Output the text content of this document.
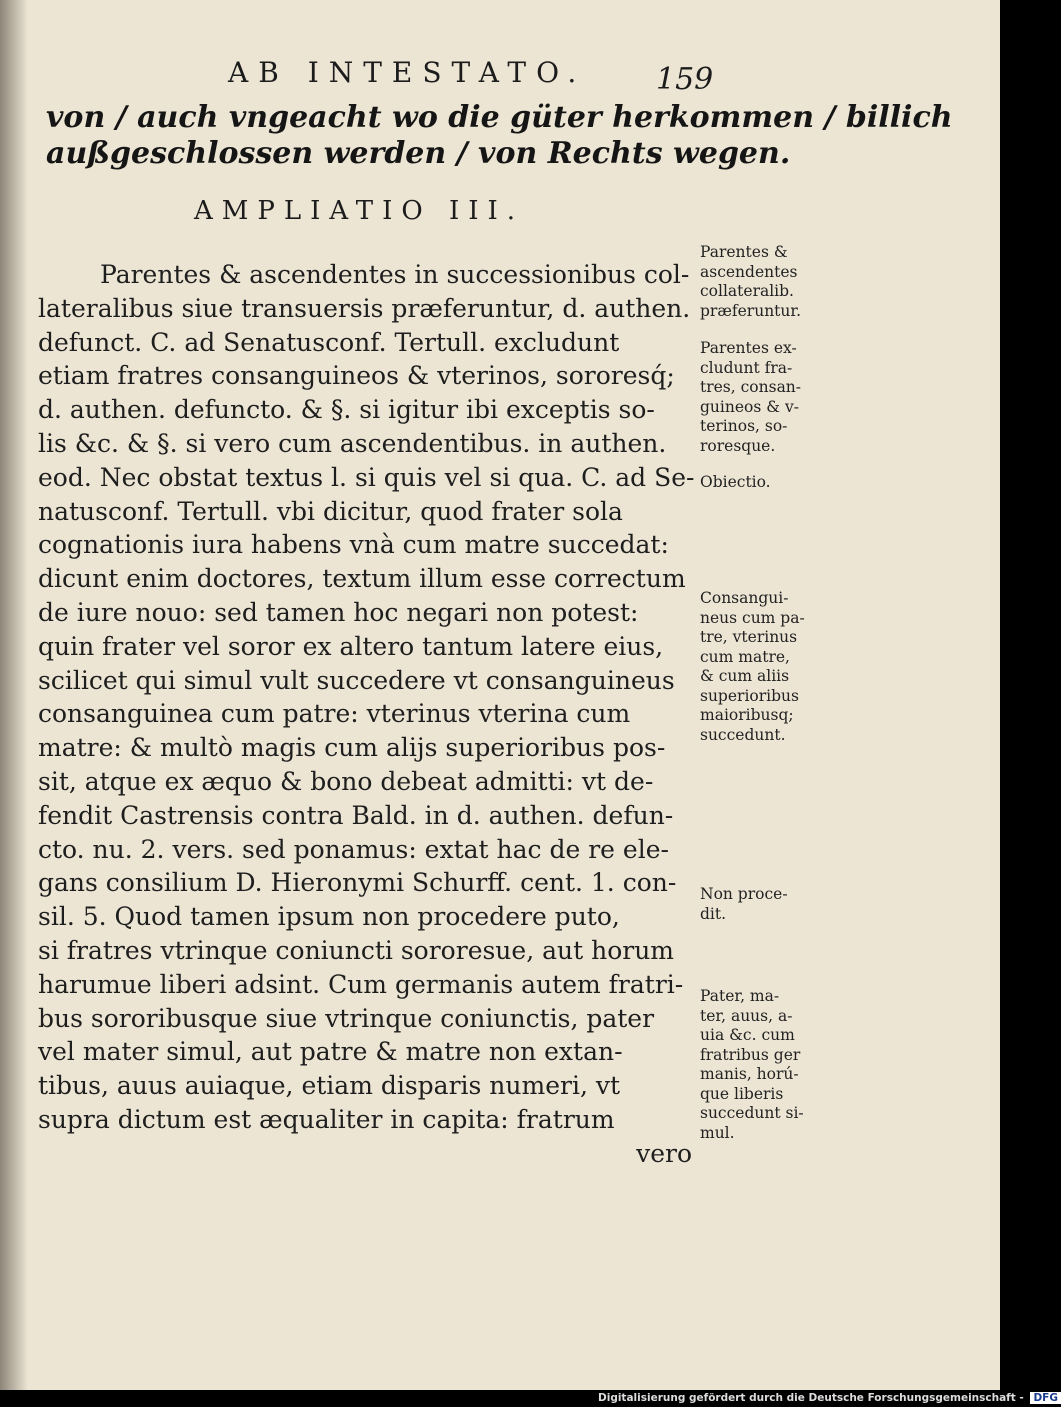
AB INTESTATO. 159
von / auch vngeacht wo die güter herkommen / billich
außgeschlossen werden / von Rechts wegen.
AMPLIATIO III.
Parentes & ascendentes in successionibus col-
lateralibus siue transuersis præferuntur, d. authen.
defunct. C. ad Senatusconf. Tertull. excludunt
etiam fratres consanguineos & vterinos, sororesq́;
d. authen. defuncto. & §. si igitur ibi exceptis so-
lis &c. & §. si vero cum ascendentibus. in authen.
eod. Nec obstat textus l. si quis vel si qua. C. ad Se-
natusconf. Tertull. vbi dicitur, quod frater sola
cognationis iura habens vnà cum matre succedat:
dicunt enim doctores, textum illum esse correctum
de iure nouo: sed tamen hoc negari non potest:
quin frater vel soror ex altero tantum latere eius,
scilicet qui simul vult succedere vt consanguineus
consanguinea cum patre: vterinus vterina cum
matre: & multò magis cum alijs superioribus pos-
sit, atque ex æquo & bono debeat admitti: vt de-
fendit Castrensis contra Bald. in d. authen. defun-
cto. nu. 2. vers. sed ponamus: extat hac de re ele-
gans consilium D. Hieronymi Schurff. cent. 1. con-
sil. 5. Quod tamen ipsum non procedere puto,
si fratres vtrinque coniuncti sororesue, aut horum
harumue liberi adsint. Cum germanis autem fratri-
bus sororibusque siue vtrinque coniunctis, pater
vel mater simul, aut patre & matre non extan-
tibus, auus auiaque, etiam disparis numeri, vt
supra dictum est æqualiter in capita: fratrum
vero
Parentes &
ascendentes
collateralib.
præferuntur.
Parentes ex-
cludunt fra-
tres, consan-
guineos & v-
terinos, so-
roresque.
Obiectio.
Consangui-
neus cum pa-
tre, vterinus
cum matre,
& cum aliis
superioribus
maioribusq;
succedunt.
Non proce-
dit.
Pater, ma-
ter, auus, a-
uia &c. cum
fratribus ger
manis, horú-
que liberis
succedunt si-
mul.
Digitalisierung gefördert durch die Deutsche Forschungsgemeinschaft - DFG
